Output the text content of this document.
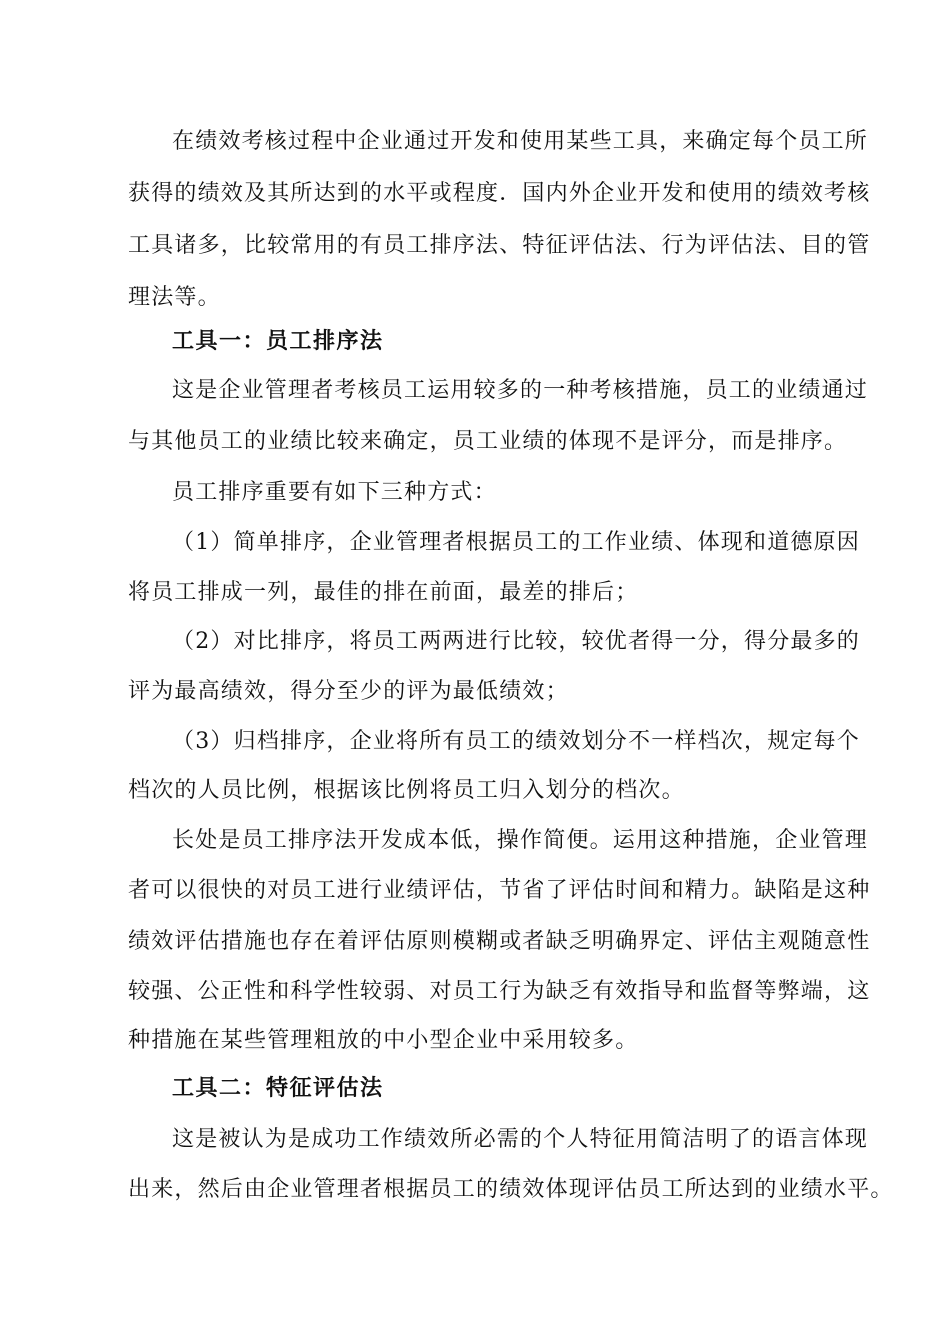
在绩效考核过程中企业通过开发和使用某些工具，来确定每个员工所
获得的绩效及其所达到的水平或程度．国内外企业开发和使用的绩效考核
工具诸多，比较常用的有员工排序法、特征评估法、行为评估法、目的管
理法等。
工具一：员工排序法
这是企业管理者考核员工运用较多的一种考核措施，员工的业绩通过
与其他员工的业绩比较来确定，员工业绩的体现不是评分，而是排序。
员工排序重要有如下三种方式：
（1）简单排序，企业管理者根据员工的工作业绩、体现和道德原因
将员工排成一列，最佳的排在前面，最差的排后；
（2）对比排序，将员工两两进行比较，较优者得一分，得分最多的
评为最高绩效，得分至少的评为最低绩效；
（3）归档排序，企业将所有员工的绩效划分不一样档次，规定每个
档次的人员比例，根据该比例将员工归入划分的档次。
长处是员工排序法开发成本低，操作简便。运用这种措施，企业管理
者可以很快的对员工进行业绩评估，节省了评估时间和精力。缺陷是这种
绩效评估措施也存在着评估原则模糊或者缺乏明确界定、评估主观随意性
较强、公正性和科学性较弱、对员工行为缺乏有效指导和监督等弊端，这
种措施在某些管理粗放的中小型企业中采用较多。
工具二：特征评估法
这是被认为是成功工作绩效所必需的个人特征用简洁明了的语言体现
出来，然后由企业管理者根据员工的绩效体现评估员工所达到的业绩水平。
